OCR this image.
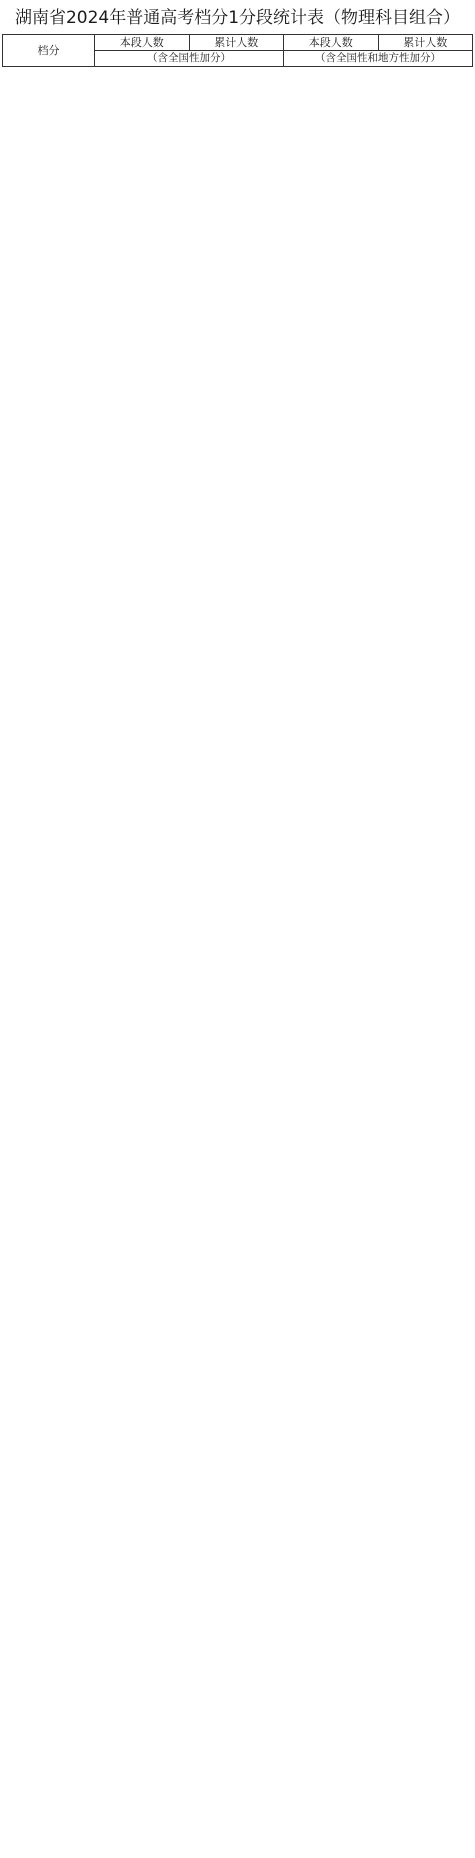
湖南省2024年普通高考档分1分段统计表（物理科目组合）
档分	本段人数	累计人数	本段人数	累计人数
	（含全国性加分）		（含全国性和地方性加分）	
